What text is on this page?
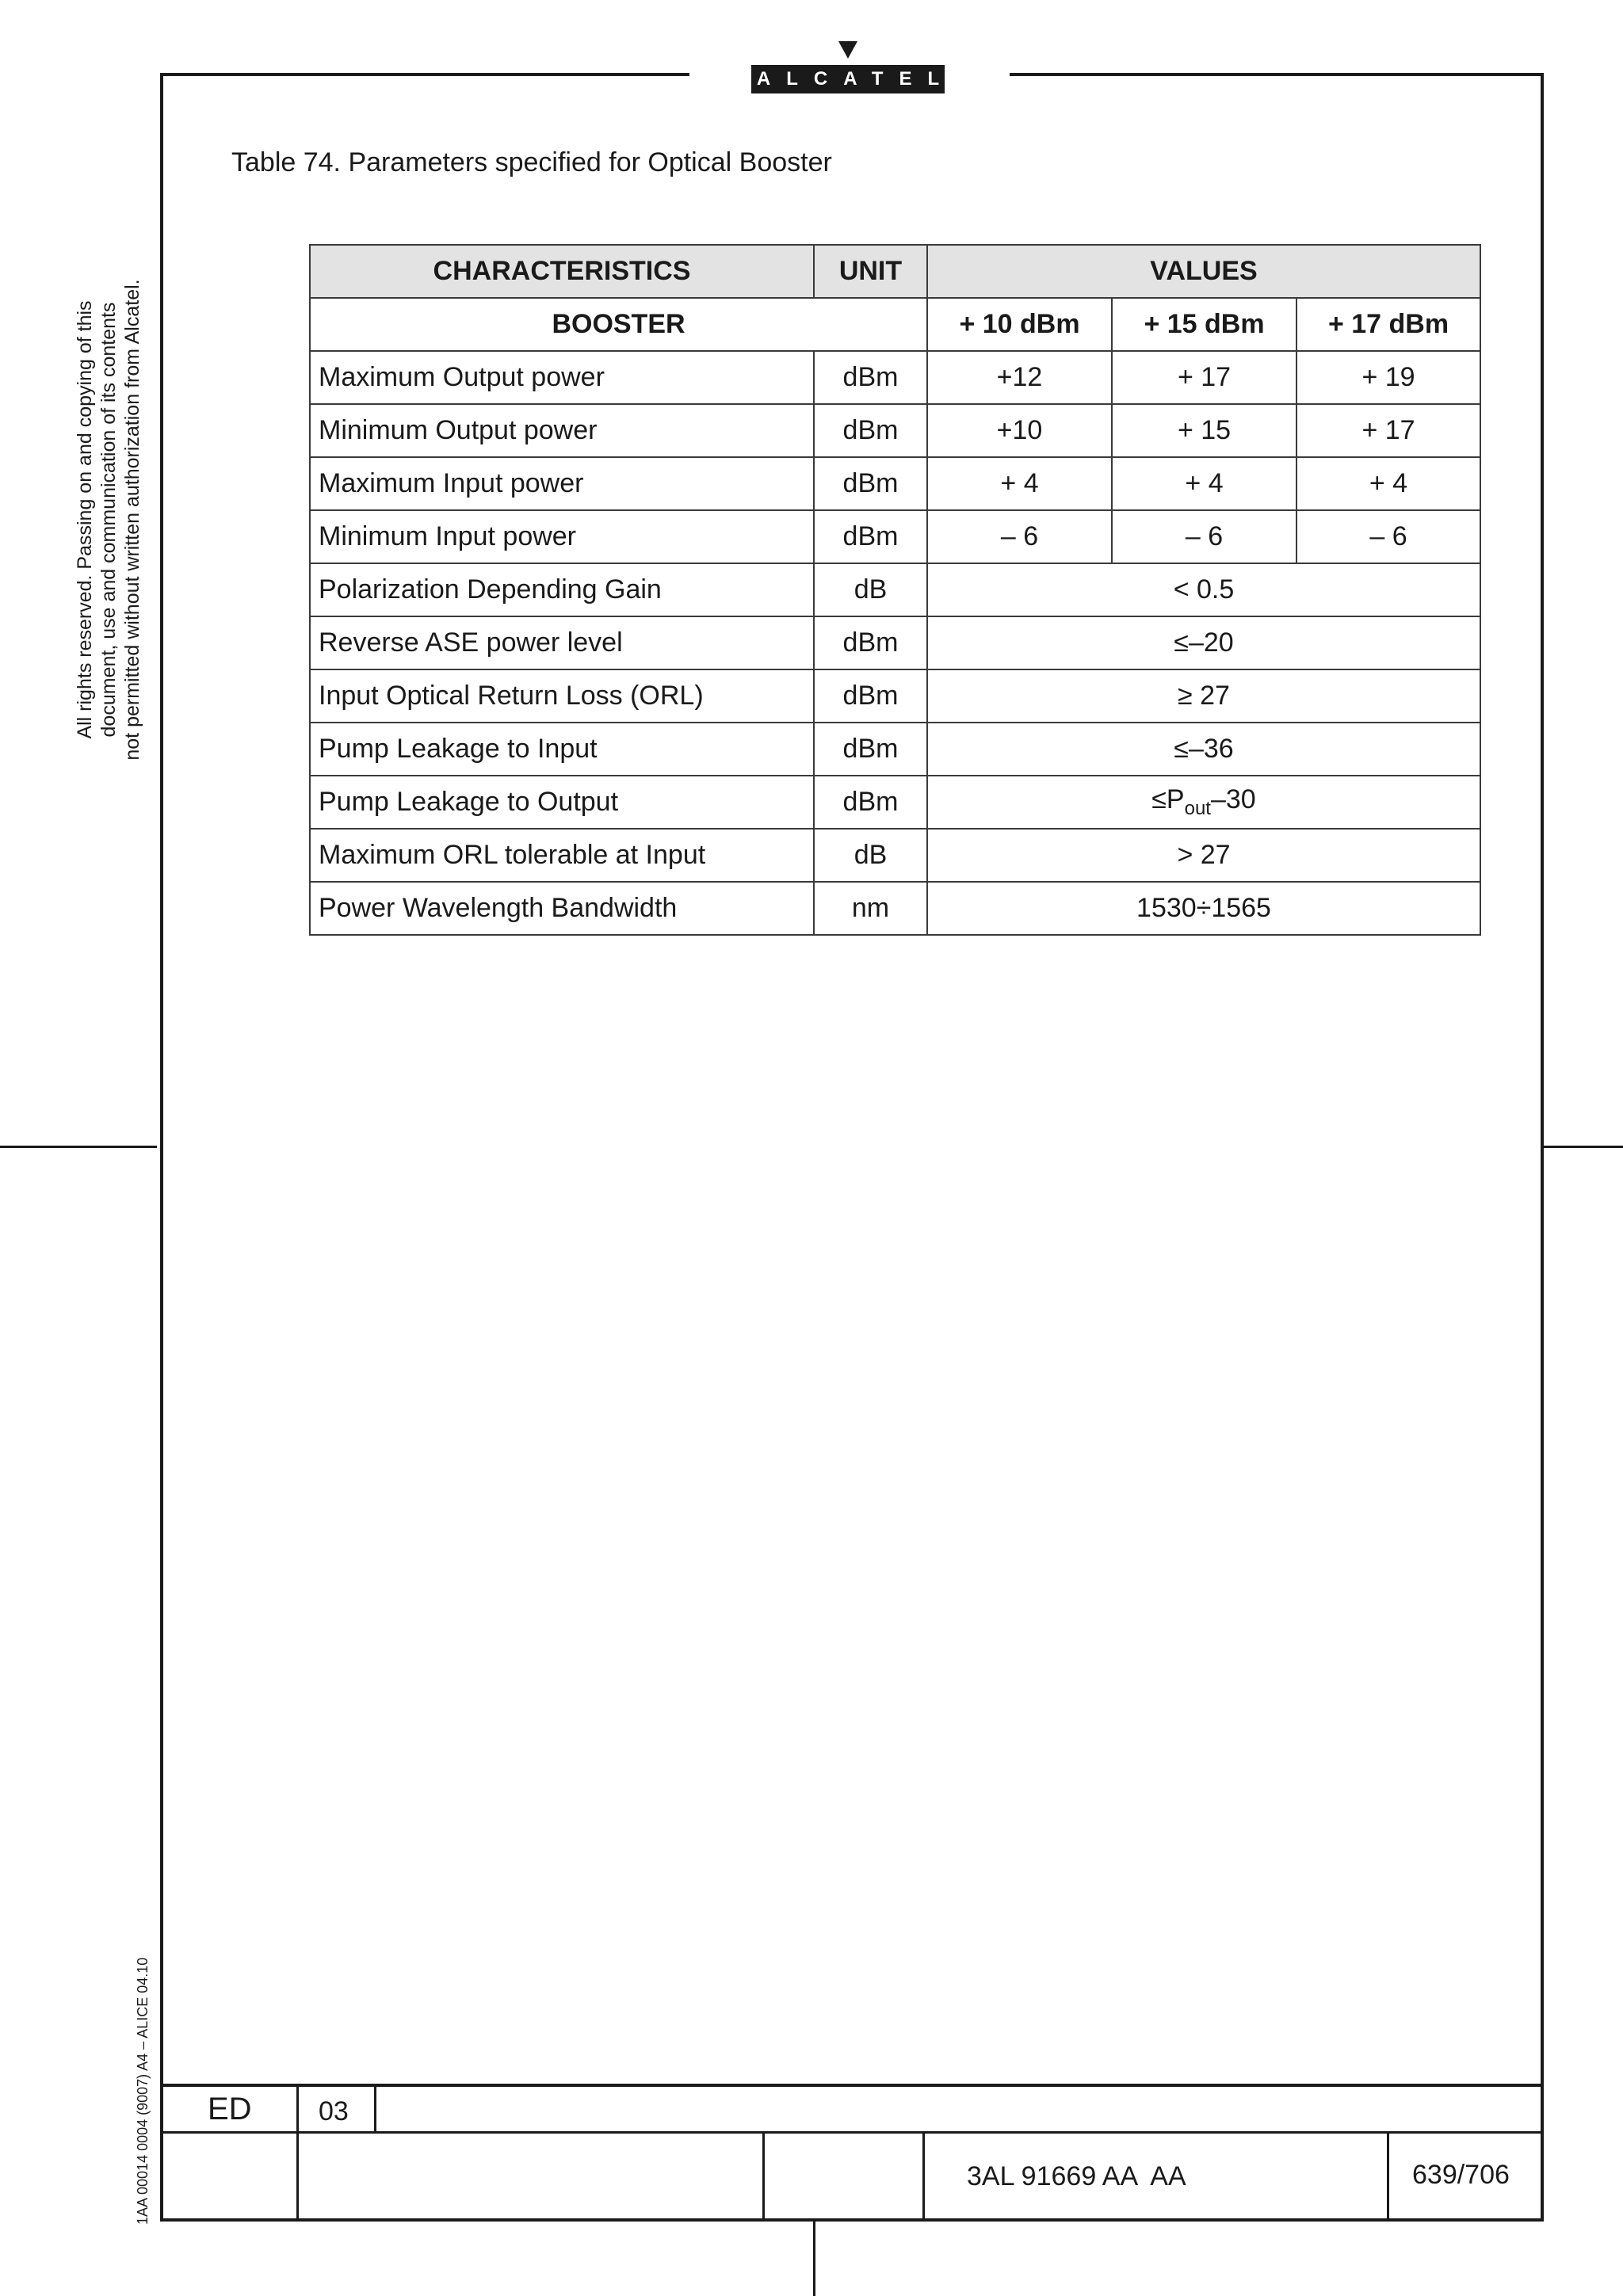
ALCATEL
All rights reserved. Passing on and copying of this document, use and communication of its contents not permitted without written authorization from Alcatel.
1AA 00014 0004 (9007) A4 – ALICE 04.10
Table 74. Parameters specified for Optical Booster
CHARACTERISTICS	UNIT	VALUES		
BOOSTER		+ 10 dBm	+ 15 dBm	+ 17 dBm
Maximum Output power	dBm	+12	+ 17	+ 19
Minimum Output power	dBm	+10	+ 15	+ 17
Maximum Input power	dBm	+ 4	+ 4	+ 4
Minimum Input power	dBm	– 6	– 6	– 6
Polarization Depending Gain	dB	< 0.5		
Reverse ASE power level	dBm	≤–20		
Input Optical Return Loss (ORL)	dBm	≥ 27		
Pump Leakage to Input	dBm	≤–36		
Pump Leakage to Output	dBm	$\le P_{out}-30$		
Maximum ORL tolerable at Input	dB	> 27		
Power Wavelength Bandwidth	nm	1530÷1565		
ED 03
3AL 91669 AA  AA	639/706
